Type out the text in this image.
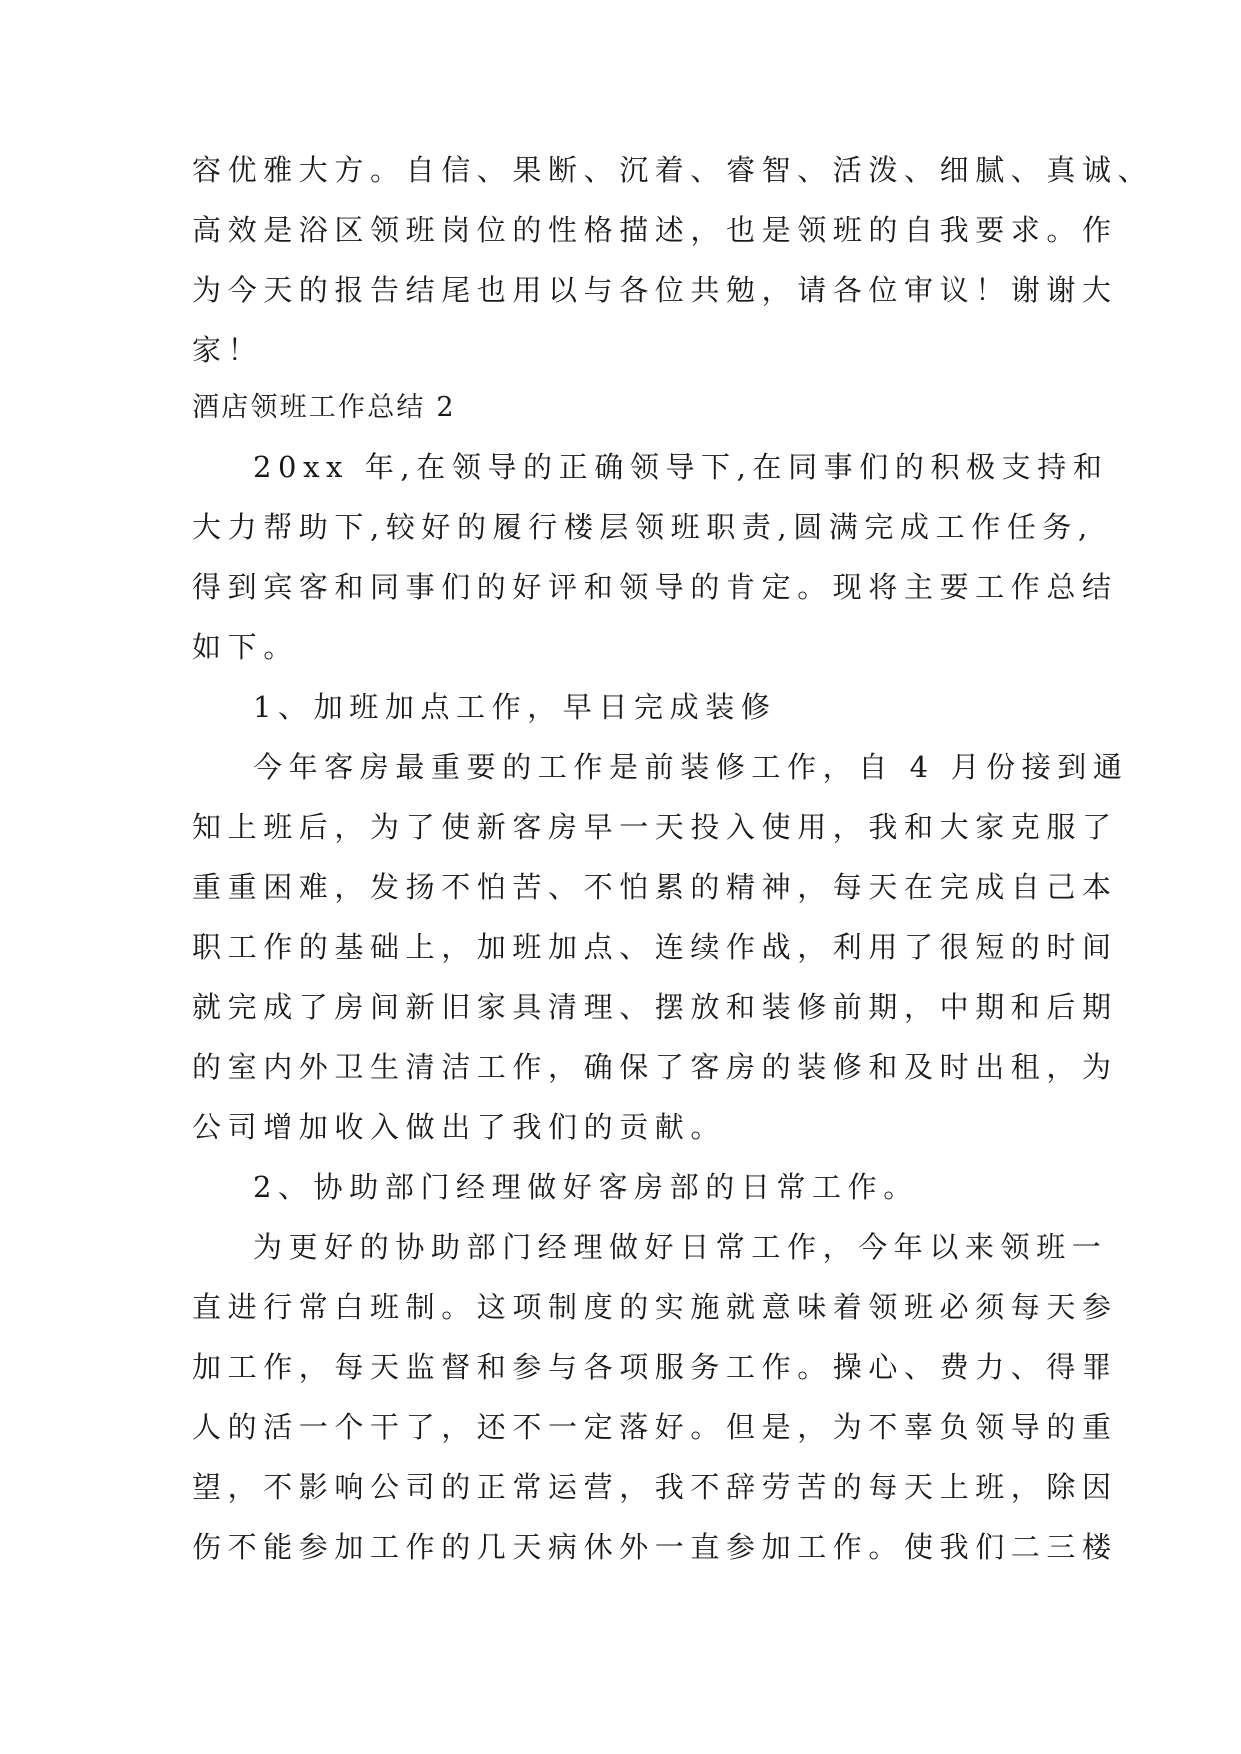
容优雅大方。自信、果断、沉着、睿智、活泼、细腻、真诚、
高效是浴区领班岗位的性格描述，也是领班的自我要求。作
为今天的报告结尾也用以与各位共勉，请各位审议！谢谢大
家！
酒店领班工作总结 2
20xx 年,在领导的正确领导下,在同事们的积极支持和
大力帮助下,较好的履行楼层领班职责,圆满完成工作任务,
得到宾客和同事们的好评和领导的肯定。现将主要工作总结
如下。
1、加班加点工作，早日完成装修
今年客房最重要的工作是前装修工作，自 4 月份接到通
知上班后，为了使新客房早一天投入使用，我和大家克服了
重重困难，发扬不怕苦、不怕累的精神，每天在完成自己本
职工作的基础上，加班加点、连续作战，利用了很短的时间
就完成了房间新旧家具清理、摆放和装修前期，中期和后期
的室内外卫生清洁工作，确保了客房的装修和及时出租，为
公司增加收入做出了我们的贡献。
2、协助部门经理做好客房部的日常工作。
为更好的协助部门经理做好日常工作，今年以来领班一
直进行常白班制。这项制度的实施就意味着领班必须每天参
加工作，每天监督和参与各项服务工作。操心、费力、得罪
人的活一个干了，还不一定落好。但是，为不辜负领导的重
望，不影响公司的正常运营，我不辞劳苦的每天上班，除因
伤不能参加工作的几天病休外一直参加工作。使我们二三楼
